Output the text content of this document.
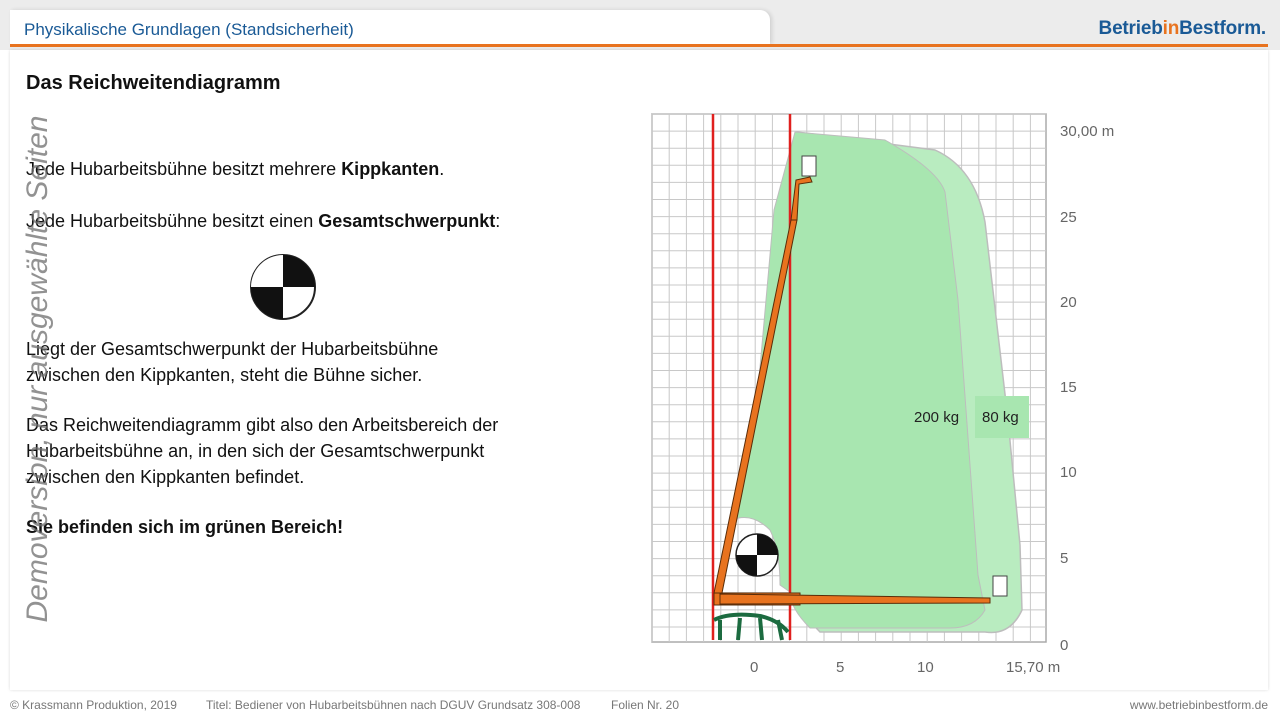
Physikalische Grundlagen (Standsicherheit)	BetriebinBestform.
Das Reichweitendiagramm

Jede Hubarbeitsbühne besitzt mehrere Kippkanten.

Jede Hubarbeitsbühne besitzt einen Gesamtschwerpunkt:

Liegt der Gesamtschwerpunkt der Hubarbeitsbühne
zwischen den Kippkanten, steht die Bühne sicher.
Das Reichweitendiagramm gibt also den Arbeitsbereich der
Hubarbeitsbühne an, in den sich der Gesamtschwerpunkt
zwischen den Kippkanten befindet.

Sie befinden sich im grünen Bereich!

Demoversion, nur ausgewählte Seiten	30,00 m
25
20
15
10
5
0
0	5	10	15,70 m
200 kg 80 kg
© Krassmann Produktion, 2019 Titel: Bediener von Hubarbeitsbühnen nach DGUV Grundsatz 308-008	Folien Nr. 20	www.betriebinbestform.de
